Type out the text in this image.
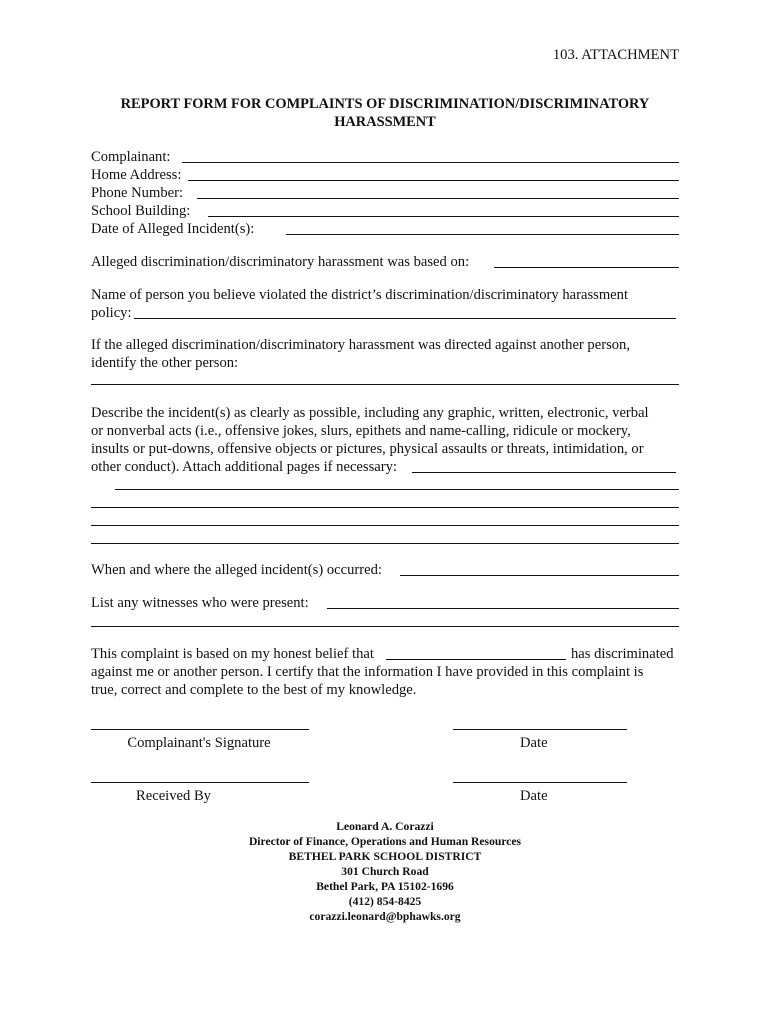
103. ATTACHMENT
REPORT FORM FOR COMPLAINTS OF DISCRIMINATION/DISCRIMINATORY
HARASSMENT
Complainant:
Home Address:
Phone Number:
School Building:
Date of Alleged Incident(s):
Alleged discrimination/discriminatory harassment was based on:
Name of person you believe violated the district’s discrimination/discriminatory harassment
policy:
If the alleged discrimination/discriminatory harassment was directed against another person,
identify the other person:
Describe the incident(s) as clearly as possible, including any graphic, written, electronic, verbal
or nonverbal acts (i.e., offensive jokes, slurs, epithets and name-calling, ridicule or mockery,
insults or put-downs, offensive objects or pictures, physical assaults or threats, intimidation, or
other conduct). Attach additional pages if necessary:
When and where the alleged incident(s) occurred:
List any witnesses who were present:
This complaint is based on my honest belief that	has discriminated
against me or another person. I certify that the information I have provided in this complaint is
true, correct and complete to the best of my knowledge.
Complainant's Signature	Date
Received By	Date
Leonard A. Corazzi
Director of Finance, Operations and Human Resources
BETHEL PARK SCHOOL DISTRICT
301 Church Road
Bethel Park, PA 15102-1696
(412) 854-8425
corazzi.leonard@bphawks.org
